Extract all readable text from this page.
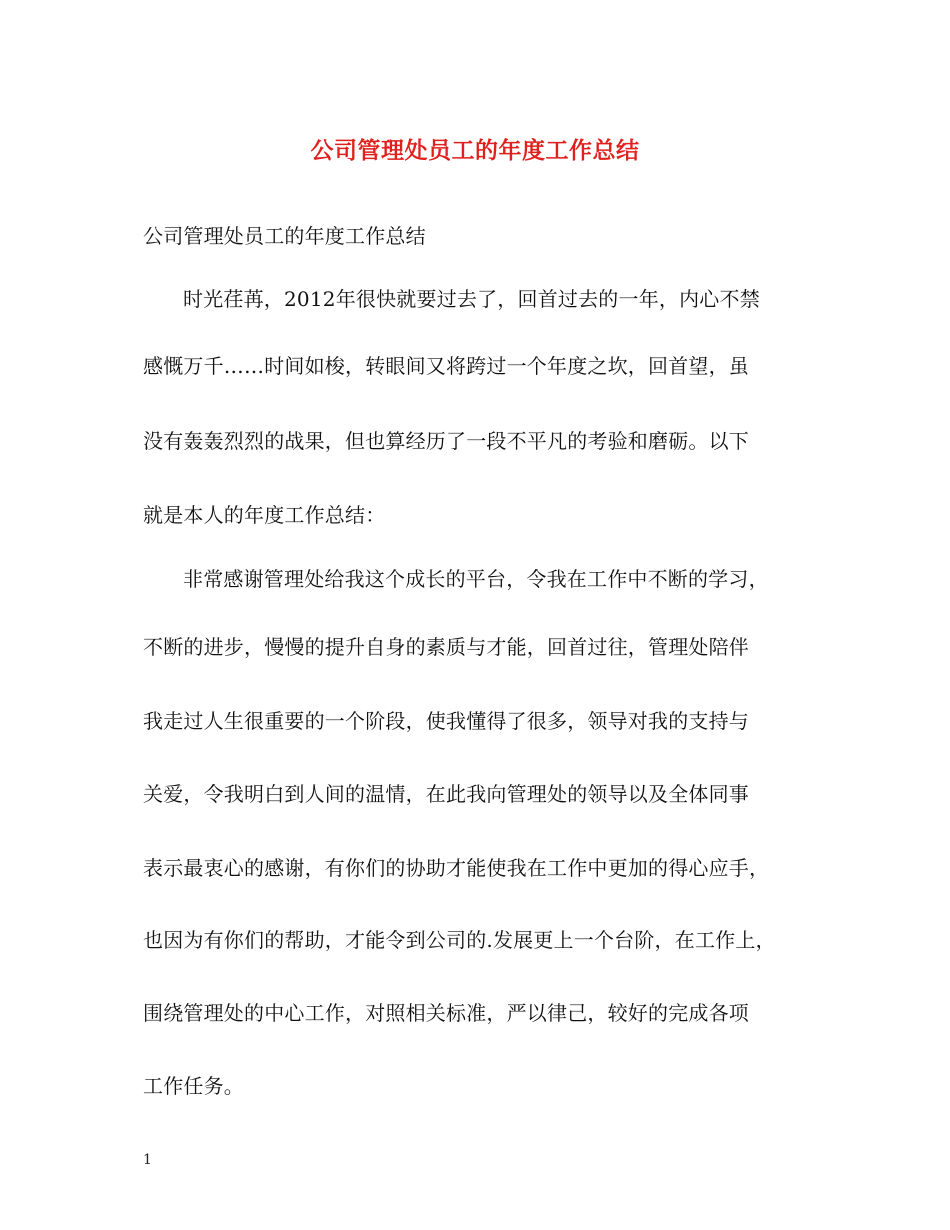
公司管理处员工的年度工作总结
公司管理处员工的年度工作总结
时光荏苒，2012年很快就要过去了，回首过去的一年，内心不禁
感慨万千……时间如梭，转眼间又将跨过一个年度之坎，回首望，虽
没有轰轰烈烈的战果，但也算经历了一段不平凡的考验和磨砺。以下
就是本人的年度工作总结：
非常感谢管理处给我这个成长的平台，令我在工作中不断的学习，
不断的进步，慢慢的提升自身的素质与才能，回首过往，管理处陪伴
我走过人生很重要的一个阶段，使我懂得了很多，领导对我的支持与
关爱，令我明白到人间的温情，在此我向管理处的领导以及全体同事
表示最衷心的感谢，有你们的协助才能使我在工作中更加的得心应手，
也因为有你们的帮助，才能令到公司的.发展更上一个台阶，在工作上，
围绕管理处的中心工作，对照相关标准，严以律己，较好的完成各项
工作任务。
1
